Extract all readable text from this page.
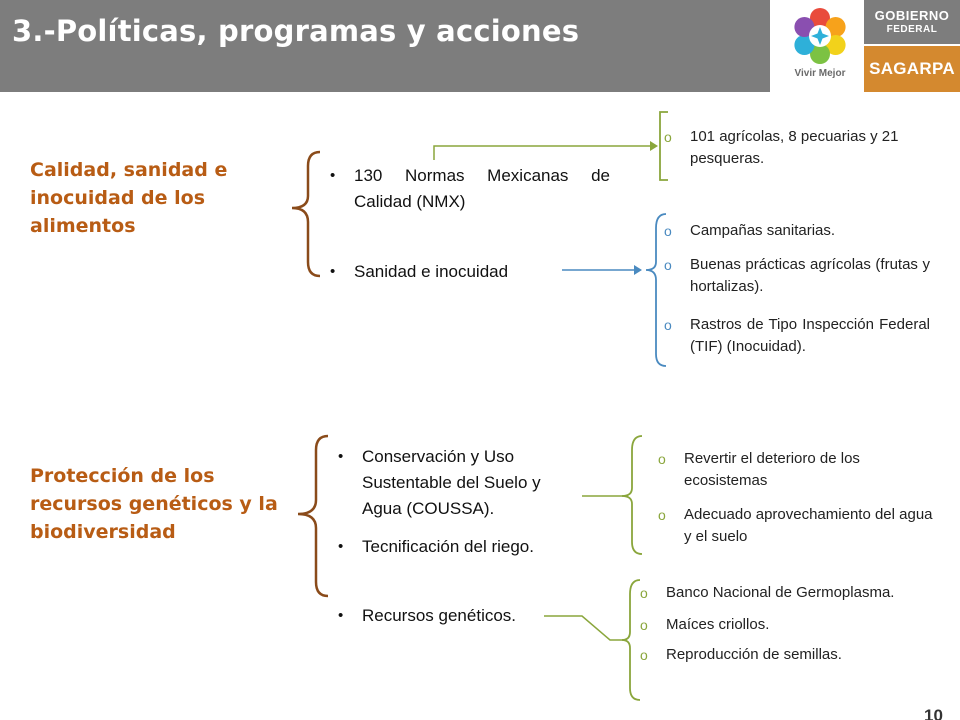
3.-Políticas, programas y acciones
Vivir Mejor
GOBIERNO
FEDERAL
SAGARPA
Calidad, sanidad e inocuidad de los alimentos
• 130 Normas Mexicanas de Calidad (NMX)
• Sanidad e inocuidad
o 101 agrícolas, 8 pecuarias y 21 pesqueras.
o Campañas sanitarias.
o Buenas prácticas agrícolas (frutas y hortalizas).
o Rastros de Tipo Inspección Federal (TIF) (Inocuidad).
Protección de los recursos genéticos y la biodiversidad
• Conservación y Uso Sustentable del Suelo y Agua (COUSSA).
• Tecnificación del riego.
• Recursos genéticos.
o Revertir el deterioro de los ecosistemas
o Adecuado aprovechamiento del agua y el suelo
o Banco Nacional de Germoplasma.
o Maíces criollos.
o Reproducción de semillas.
10
